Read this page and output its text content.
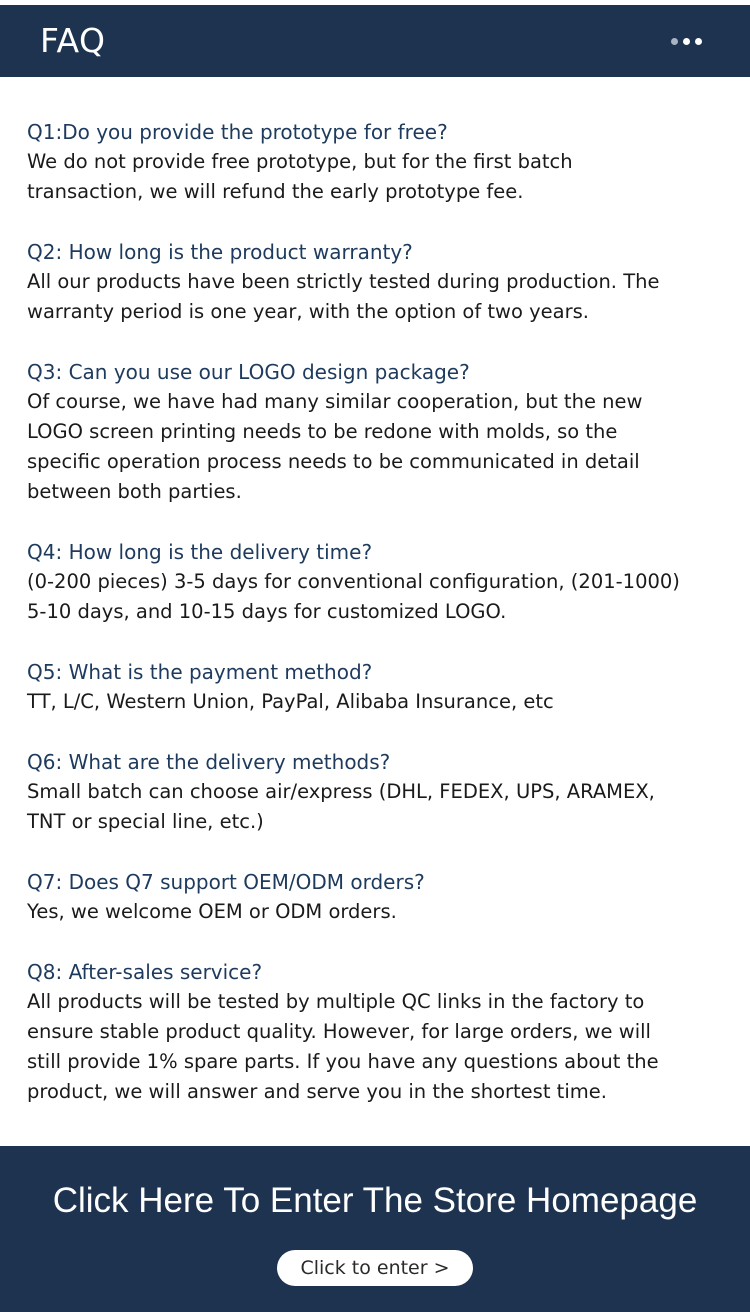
FAQ
Q1:Do you provide the prototype for free?
We do not provide free prototype, but for the first batch
transaction, we will refund the early prototype fee.
Q2: How long is the product warranty?
All our products have been strictly tested during production. The
warranty period is one year, with the option of two years.
Q3: Can you use our LOGO design package?
Of course, we have had many similar cooperation, but the new
LOGO screen printing needs to be redone with molds, so the
specific operation process needs to be communicated in detail
between both parties.
Q4: How long is the delivery time?
(0-200 pieces) 3-5 days for conventional configuration, (201-1000)
5-10 days, and 10-15 days for customized LOGO.
Q5: What is the payment method?
TT, L/C, Western Union, PayPal, Alibaba Insurance, etc
Q6: What are the delivery methods?
Small batch can choose air/express (DHL, FEDEX, UPS, ARAMEX,
TNT or special line, etc.)
Q7: Does Q7 support OEM/ODM orders?
Yes, we welcome OEM or ODM orders.
Q8: After-sales service?
All products will be tested by multiple QC links in the factory to
ensure stable product quality. However, for large orders, we will
still provide 1% spare parts. If you have any questions about the
product, we will answer and serve you in the shortest time.
Click Here To Enter The Store Homepage
Click to enter >
